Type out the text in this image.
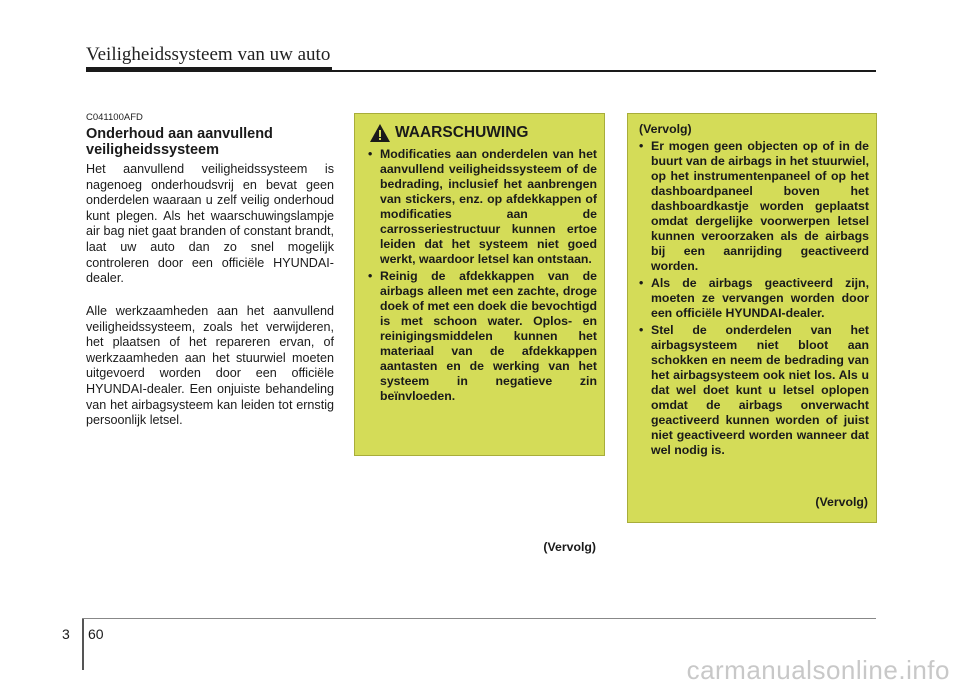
Veiligheidssysteem van uw auto
C041100AFD
Onderhoud aan aanvullend veiligheidssysteem

Het aanvullend veiligheidssysteem is nagenoeg onderhoudsvrij en bevat geen onderdelen waaraan u zelf veilig onderhoud kunt plegen. Als het waarschuwingslampje air bag niet gaat branden of constant brandt, laat uw auto dan zo snel mogelijk controleren door een officiële HYUNDAI-dealer.

Alle werkzaamheden aan het aanvullend veiligheidssysteem, zoals het verwijderen, het plaatsen of het repareren ervan, of werkzaamheden aan het stuurwiel moeten uitgevoerd worden door een officiële HYUNDAI-dealer. Een onjuiste behandeling van het airbagsysteem kan leiden tot ernstig persoonlijk letsel.

WAARSCHUWING
• Modificaties aan onderdelen van het aanvullend veiligheidssysteem of de bedrading, inclusief het aanbrengen van stickers, enz. op afdekkappen of modificaties aan de carrosseriestructuur kunnen ertoe leiden dat het systeem niet goed werkt, waardoor letsel kan ontstaan.
• Reinig de afdekkappen van de airbags alleen met een zachte, droge doek of met een doek die bevochtigd is met schoon water. Oplos- en reinigingsmiddelen kunnen het materiaal van de afdekkappen aantasten en de werking van het systeem in negatieve zin beïnvloeden.
(Vervolg)
(Vervolg)
• Er mogen geen objecten op of in de buurt van de airbags in het stuurwiel, op het instrumentenpaneel of op het dashboardpaneel boven het dashboardkastje worden geplaatst omdat dergelijke voorwerpen letsel kunnen veroorzaken als de airbags bij een aanrijding geactiveerd worden.
• Als de airbags geactiveerd zijn, moeten ze vervangen worden door een officiële HYUNDAI-dealer.
• Stel de onderdelen van het airbagsysteem niet bloot aan schokken en neem de bedrading van het airbagsysteem ook niet los. Als u dat wel doet kunt u letsel oplopen omdat de airbags onverwacht geactiveerd kunnen worden of juist niet geactiveerd worden wanneer dat wel nodig is.
(Vervolg)
3 60
carmanualsonline.info
